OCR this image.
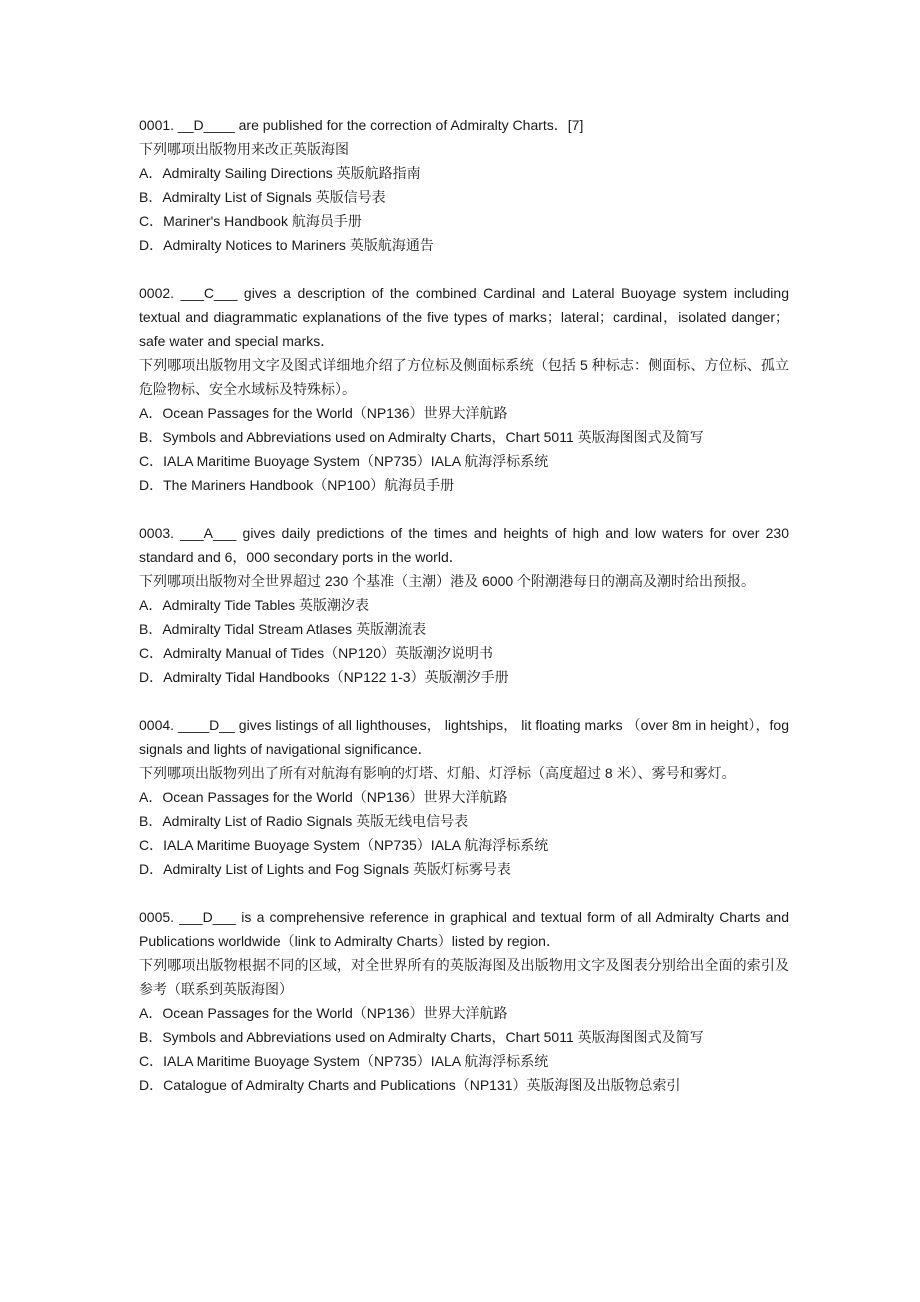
0001. __D____ are published for the correction of Admiralty Charts．[7]
下列哪项出版物用来改正英版海图
A．Admiralty Sailing Directions 英版航路指南
B．Admiralty List of Signals 英版信号表
C．Mariner's Handbook 航海员手册
D．Admiralty Notices to Mariners 英版航海通告
0002. ___C___ gives a description of the combined Cardinal and Lateral Buoyage system including textual and diagrammatic explanations of the five types of marks；lateral；cardinal，isolated danger；safe water and special marks．
下列哪项出版物用文字及图式详细地介绍了方位标及侧面标系统（包括 5 种标志：侧面标、方位标、孤立危险物标、安全水域标及特殊标）。
A．Ocean Passages for the World（NP136）世界大洋航路
B．Symbols and Abbreviations used on Admiralty Charts，Chart 5011 英版海图图式及简写
C．IALA Maritime Buoyage System（NP735）IALA 航海浮标系统
D．The Mariners Handbook（NP100）航海员手册
0003. ___A___ gives daily predictions of the times and heights of high and low waters for over 230 standard and 6，000 secondary ports in the world．
下列哪项出版物对全世界超过 230 个基准（主潮）港及 6000 个附潮港每日的潮高及潮时给出预报。
A．Admiralty Tide Tables 英版潮汐表
B．Admiralty Tidal Stream Atlases 英版潮流表
C．Admiralty Manual of Tides（NP120）英版潮汐说明书
D．Admiralty Tidal Handbooks（NP122 1-3）英版潮汐手册
0004. ____D__ gives listings of all lighthouses， lightships， lit floating marks （over 8m in height），fog signals and lights of navigational significance．
下列哪项出版物列出了所有对航海有影响的灯塔、灯船、灯浮标（高度超过 8 米）、雾号和雾灯。
A．Ocean Passages for the World（NP136）世界大洋航路
B．Admiralty List of Radio Signals 英版无线电信号表
C．IALA Maritime Buoyage System（NP735）IALA 航海浮标系统
D．Admiralty List of Lights and Fog Signals 英版灯标雾号表
0005. ___D___ is a comprehensive reference in graphical and textual form of all Admiralty Charts and Publications worldwide（link to Admiralty Charts）listed by region．
下列哪项出版物根据不同的区域，对全世界所有的英版海图及出版物用文字及图表分别给出全面的索引及参考（联系到英版海图）
A．Ocean Passages for the World（NP136）世界大洋航路
B．Symbols and Abbreviations used on Admiralty Charts，Chart 5011 英版海图图式及简写
C．IALA Maritime Buoyage System（NP735）IALA 航海浮标系统
D．Catalogue of Admiralty Charts and Publications（NP131）英版海图及出版物总索引
